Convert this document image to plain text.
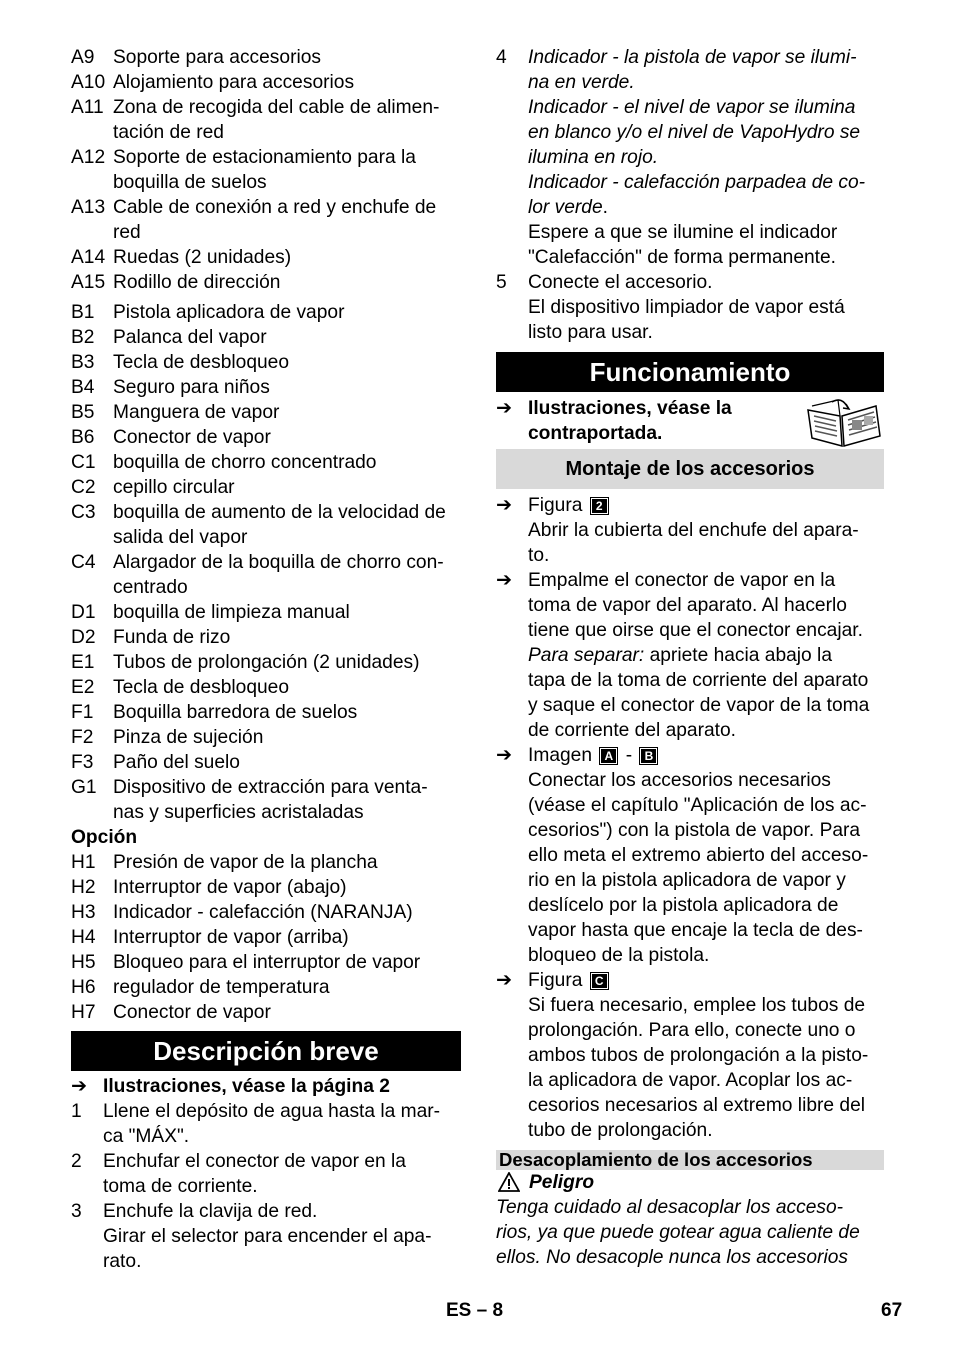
A9 Soporte para accesorios
A10 Alojamiento para accesorios
A11 Zona de recogida del cable de alimen-
tación de red
A12 Soporte de estacionamiento para la
boquilla de suelos
A13 Cable de conexión a red y enchufe de
red
A14 Ruedas (2 unidades)
A15 Rodillo de dirección
B1 Pistola aplicadora de vapor
B2 Palanca del vapor
B3 Tecla de desbloqueo
B4 Seguro para niños
B5 Manguera de vapor
B6 Conector de vapor
C1 boquilla de chorro concentrado
C2 cepillo circular
C3 boquilla de aumento de la velocidad de
salida del vapor
C4 Alargador de la boquilla de chorro con-
centrado
D1 boquilla de limpieza manual
D2 Funda de rizo
E1 Tubos de prolongación (2 unidades)
E2 Tecla de desbloqueo
F1 Boquilla barredora de suelos
F2 Pinza de sujeción
F3 Paño del suelo
G1 Dispositivo de extracción para venta-
nas y superficies acristaladas
Opción
H1 Presión de vapor de la plancha
H2 Interruptor de vapor (abajo)
H3 Indicador - calefacción (NARANJA)
H4 Interruptor de vapor (arriba)
H5 Bloqueo para el interruptor de vapor
H6 regulador de temperatura
H7 Conector de vapor
Descripción breve
➔ Ilustraciones, véase la página 2
1 Llene el depósito de agua hasta la mar-
ca "MÁX".
2 Enchufar el conector de vapor en la
toma de corriente.
3 Enchufe la clavija de red.
Girar el selector para encender el apa-
rato.
4 Indicador - la pistola de vapor se ilumi-
na en verde.
Indicador - el nivel de vapor se ilumina
en blanco y/o el nivel de VapoHydro se
ilumina en rojo.
Indicador - calefacción parpadea de co-
lor verde.
Espere a que se ilumine el indicador
"Calefacción" de forma permanente.
5 Conecte el accesorio.
El dispositivo limpiador de vapor está
listo para usar.
Funcionamiento
➔ Ilustraciones, véase la
contraportada.
Montaje de los accesorios
➔ Figura 2
Abrir la cubierta del enchufe del apara-
to.
➔ Empalme el conector de vapor en la
toma de vapor del aparato. Al hacerlo
tiene que oirse que el conector encajar.
Para separar: apriete hacia abajo la
tapa de la toma de corriente del aparato
y saque el conector de vapor de la toma
de corriente del aparato.
➔ Imagen A - B
Conectar los accesorios necesarios
(véase el capítulo "Aplicación de los ac-
cesorios") con la pistola de vapor. Para
ello meta el extremo abierto del acceso-
rio en la pistola aplicadora de vapor y
deslícelo por la pistola aplicadora de
vapor hasta que encaje la tecla de des-
bloqueo de la pistola.
➔ Figura C
Si fuera necesario, emplee los tubos de
prolongación. Para ello, conecte uno o
ambos tubos de prolongación a la pisto-
la aplicadora de vapor. Acoplar los ac-
cesorios necesarios al extremo libre del
tubo de prolongación.
Desacoplamiento de los accesorios
Peligro
Tenga cuidado al desacoplar los acceso-
rios, ya que puede gotear agua caliente de
ellos. No desacople nunca los accesorios
ES – 8	67
